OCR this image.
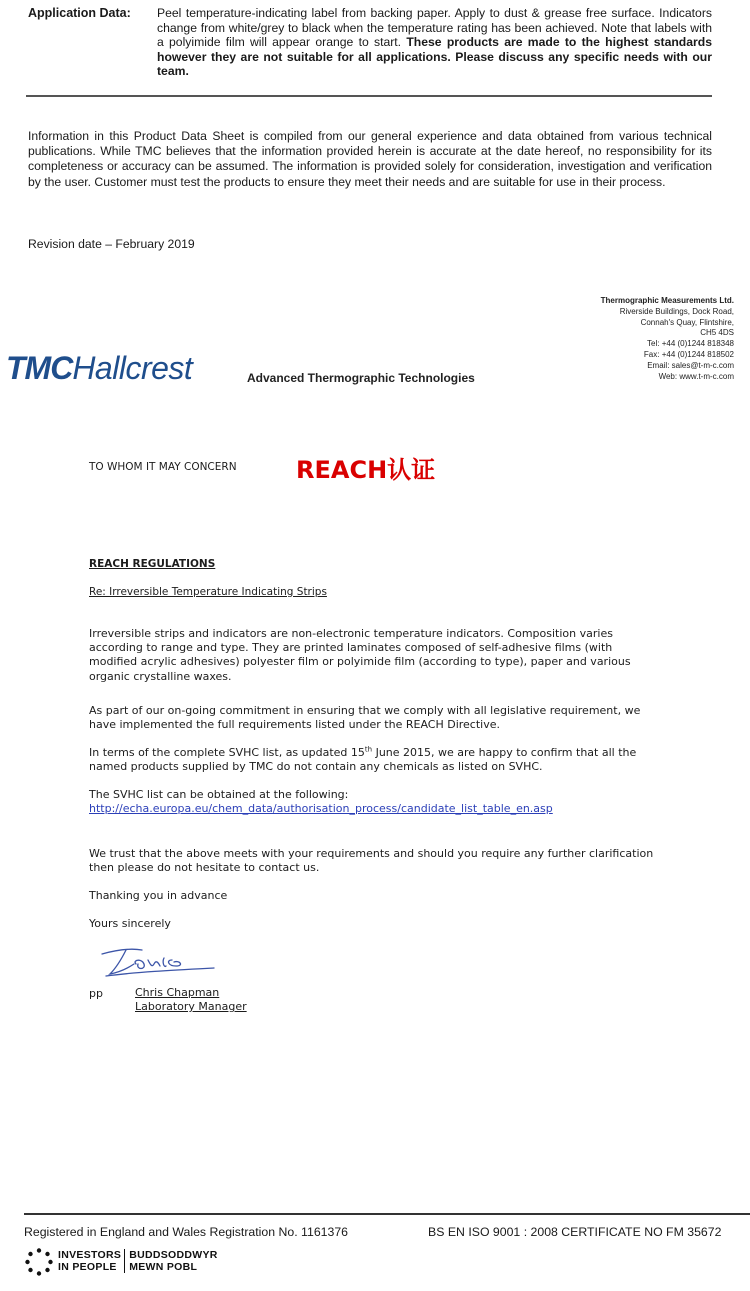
Application Data: Peel temperature-indicating label from backing paper. Apply to dust & grease free surface. Indicators change from white/grey to black when the temperature rating has been achieved. Note that labels with a polyimide film will appear orange to start. These products are made to the highest standards however they are not suitable for all applications. Please discuss any specific needs with our team.
Information in this Product Data Sheet is compiled from our general experience and data obtained from various technical publications. While TMC believes that the information provided herein is accurate at the date hereof, no responsibility for its completeness or accuracy can be assumed. The information is provided solely for consideration, investigation and verification by the user. Customer must test the products to ensure they meet their needs and are suitable for use in their process.
Revision date – February 2019
Thermographic Measurements Ltd.
Riverside Buildings, Dock Road,
Connah's Quay, Flintshire,
CH5 4DS
Tel: +44 (0)1244 818348
Fax: +44 (0)1244 818502
Email: sales@t-m-c.com
Web: www.t-m-c.com
TMCHallcrest	Advanced Thermographic Technologies
TO WHOM IT MAY CONCERN REACH认证
REACH REGULATIONS
Re: Irreversible Temperature Indicating Strips
Irreversible strips and indicators are non-electronic temperature indicators. Composition varies according to range and type. They are printed laminates composed of self-adhesive films (with modified acrylic adhesives) polyester film or polyimide film (according to type), paper and various organic crystalline waxes.
As part of our on-going commitment in ensuring that we comply with all legislative requirement, we have implemented the full requirements listed under the REACH Directive.
In terms of the complete SVHC list, as updated 15th June 2015, we are happy to confirm that all the named products supplied by TMC do not contain any chemicals as listed on SVHC.
The SVHC list can be obtained at the following:
http://echa.europa.eu/chem_data/authorisation_process/candidate_list_table_en.asp
We trust that the above meets with your requirements and should you require any further clarification then please do not hesitate to contact us.
Thanking you in advance
Yours sincerely
pp	Chris Chapman
Laboratory Manager
Registered in England and Wales Registration No. 1161376	BS EN ISO 9001 : 2008 CERTIFICATE NO FM 35672
INVESTORS
IN PEOPLE
BUDDSODDWYR
MEWN POBL
